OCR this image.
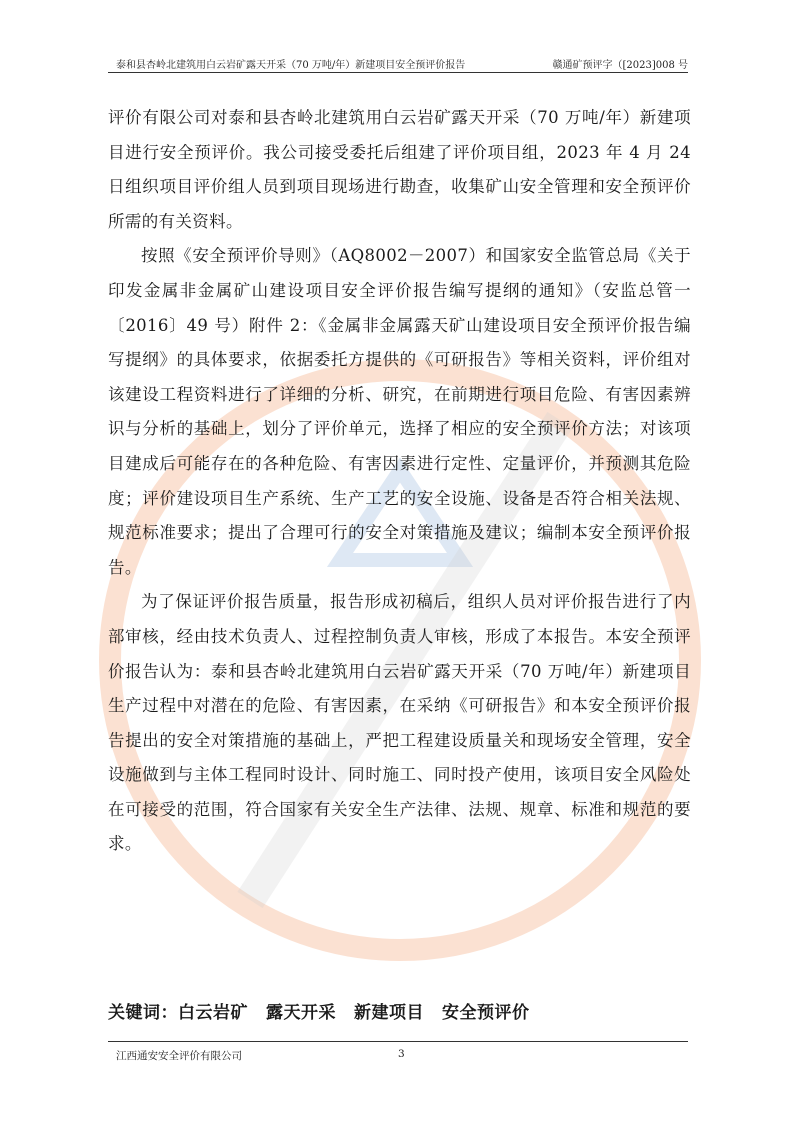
泰和县杏岭北建筑用白云岩矿露天开采（70 万吨/年）新建项目安全预评价报告	赣通矿预评字（[2023]008 号

评价有限公司对泰和县杏岭北建筑用白云岩矿露天开采（70 万吨/年）新建项目进行安全预评价。我公司接受委托后组建了评价项目组，2023 年 4 月 24 日组织项目评价组人员到项目现场进行勘查，收集矿山安全管理和安全预评价所需的有关资料。

按照《安全预评价导则》（AQ8002－2007）和国家安全监管总局《关于印发金属非金属矿山建设项目安全评价报告编写提纲的通知》（安监总管一〔2016〕49 号）附件 2：《金属非金属露天矿山建设项目安全预评价报告编写提纲》的具体要求，依据委托方提供的《可研报告》等相关资料，评价组对该建设工程资料进行了详细的分析、研究，在前期进行项目危险、有害因素辨识与分析的基础上，划分了评价单元，选择了相应的安全预评价方法；对该项目建成后可能存在的各种危险、有害因素进行定性、定量评价，并预测其危险度；评价建设项目生产系统、生产工艺的安全设施、设备是否符合相关法规、规范标准要求；提出了合理可行的安全对策措施及建议；编制本安全预评价报告。

为了保证评价报告质量，报告形成初稿后，组织人员对评价报告进行了内部审核，经由技术负责人、过程控制负责人审核，形成了本报告。本安全预评价报告认为：泰和县杏岭北建筑用白云岩矿露天开采（70 万吨/年）新建项目生产过程中对潜在的危险、有害因素，在采纳《可研报告》和本安全预评价报告提出的安全对策措施的基础上，严把工程建设质量关和现场安全管理，安全设施做到与主体工程同时设计、同时施工、同时投产使用，该项目安全风险处在可接受的范围，符合国家有关安全生产法律、法规、规章、标准和规范的要求。

关键词：白云岩矿 露天开采 新建项目 安全预评价
江西通安安全评价有限公司	3
